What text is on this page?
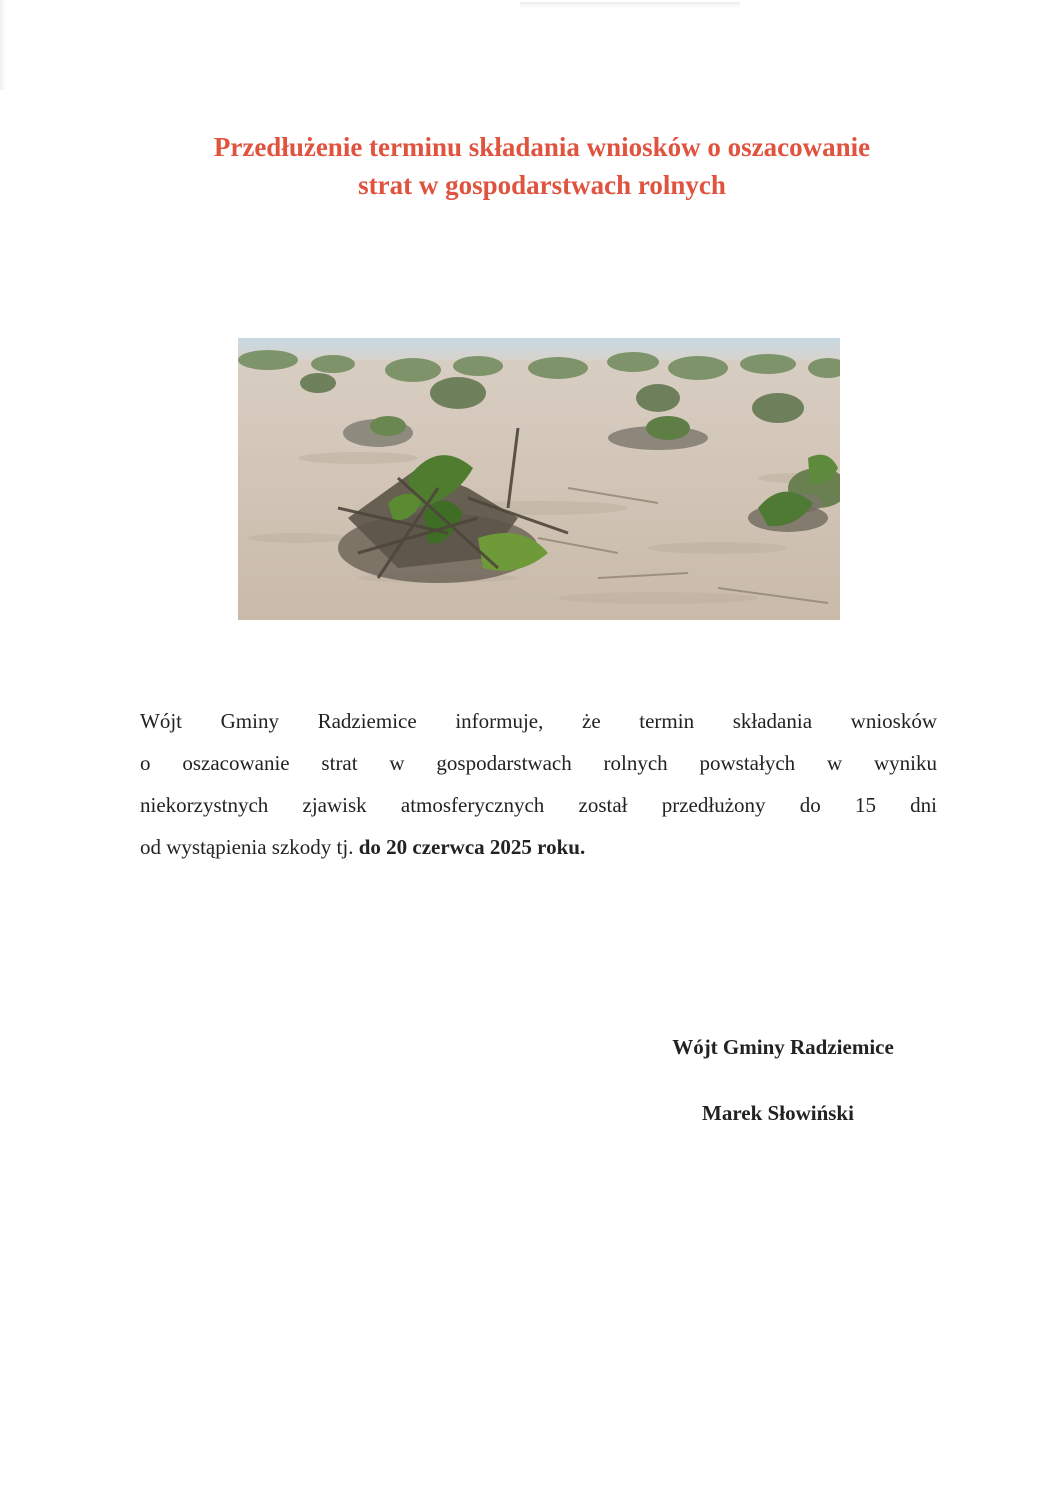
Przedłużenie terminu składania wniosków o oszacowanie
strat w gospodarstwach rolnych
Wójt Gminy Radziemice informuje, że termin składania wniosków
o oszacowanie strat w gospodarstwach rolnych powstałych w wyniku
niekorzystnych zjawisk atmosferycznych został przedłużony do 15 dni
od wystąpienia szkody tj. do 20 czerwca 2025 roku.
Wójt Gminy Radziemice
Marek Słowiński
